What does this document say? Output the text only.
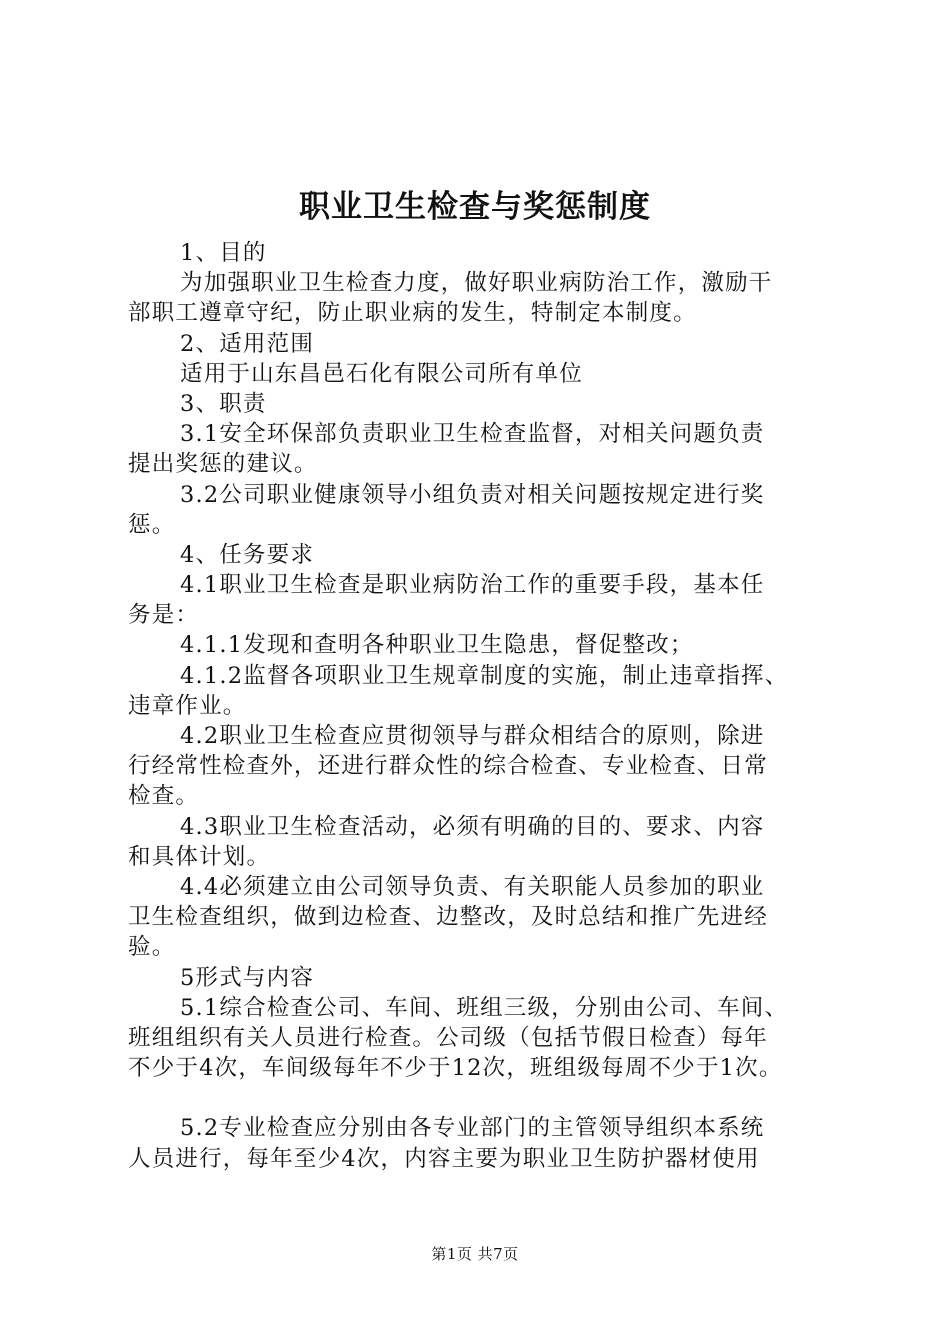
职业卫生检查与奖惩制度
1、目的
为加强职业卫生检查力度，做好职业病防治工作，激励干
部职工遵章守纪，防止职业病的发生，特制定本制度。
2、适用范围
适用于山东昌邑石化有限公司所有单位
3、职责
3.1安全环保部负责职业卫生检查监督，对相关问题负责
提出奖惩的建议。
3.2公司职业健康领导小组负责对相关问题按规定进行奖
惩。
4、任务要求
4.1职业卫生检查是职业病防治工作的重要手段，基本任
务是：
4.1.1发现和查明各种职业卫生隐患，督促整改；
4.1.2监督各项职业卫生规章制度的实施，制止违章指挥、
违章作业。
4.2职业卫生检查应贯彻领导与群众相结合的原则，除进
行经常性检查外，还进行群众性的综合检查、专业检查、日常
检查。
4.3职业卫生检查活动，必须有明确的目的、要求、内容
和具体计划。
4.4必须建立由公司领导负责、有关职能人员参加的职业
卫生检查组织，做到边检查、边整改，及时总结和推广先进经
验。
5形式与内容
5.1综合检查公司、车间、班组三级，分别由公司、车间、
班组组织有关人员进行检查。公司级（包括节假日检查）每年
不少于4次，车间级每年不少于12次，班组级每周不少于1次。
5.2专业检查应分别由各专业部门的主管领导组织本系统
人员进行，每年至少4次，内容主要为职业卫生防护器材使用
第1页 共7页
